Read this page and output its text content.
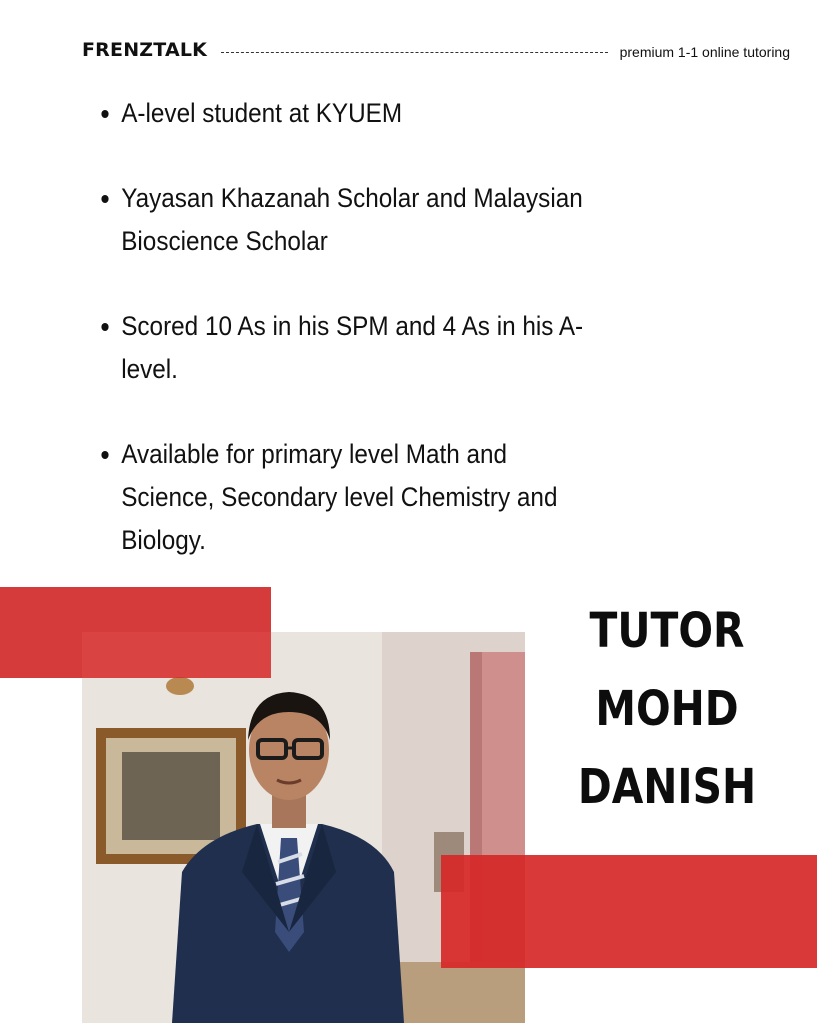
FRENZTALK	premium 1-1 online tutoring
A-level student at KYUEM
Yayasan Khazanah Scholar and Malaysian Bioscience Scholar
Scored 10 As in his SPM and 4 As in his A-level.
Available for primary level Math and Science, Secondary level Chemistry and Biology.
TUTOR
MOHD
DANISH
